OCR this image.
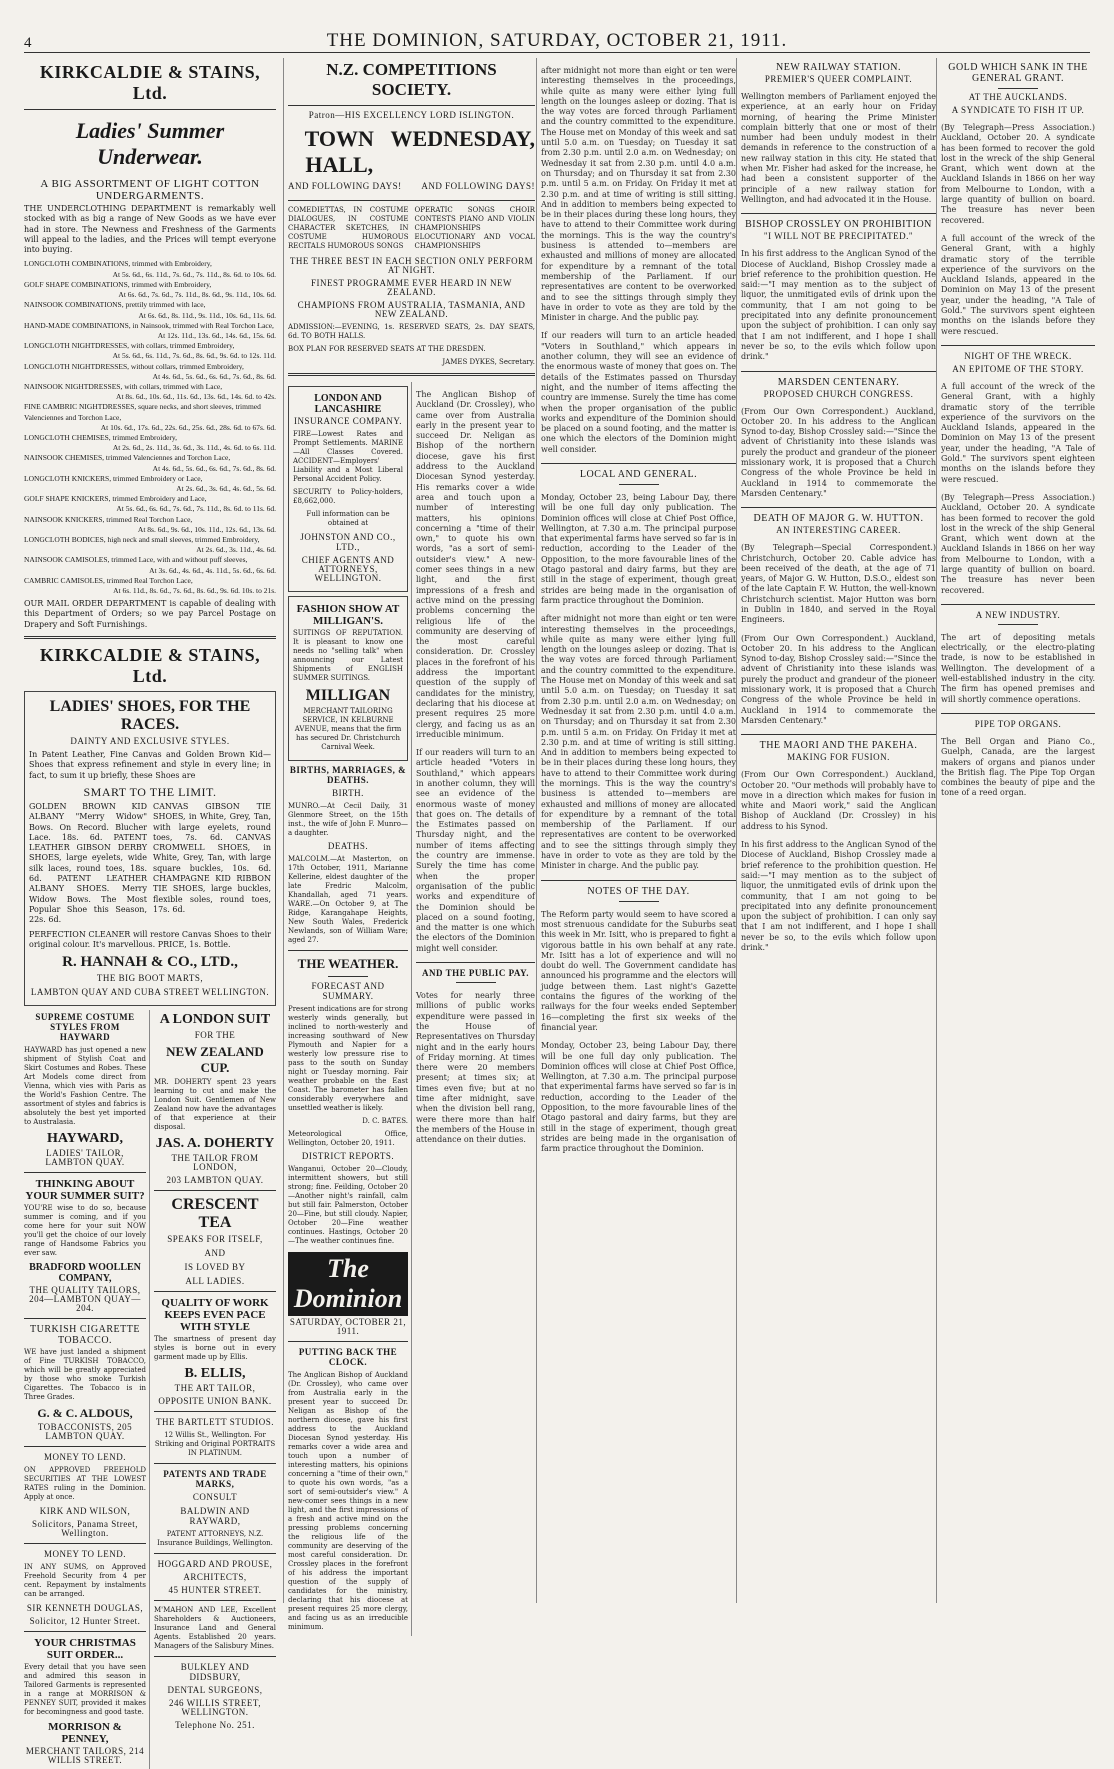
4	THE DOMINION, SATURDAY, OCTOBER 21, 1911.
KIRKCALDIE & STAINS, Ltd.
Ladies' Summer Underwear.
A BIG ASSORTMENT OF LIGHT COTTON UNDERGARMENTS.

THE UNDERCLOTHING DEPARTMENT is remarkably well stocked with as big a range of New Goods as we have ever had in store. The Newness and Freshness of the Garments will appeal to the ladies, and the Prices will tempt everyone into buying.

LONGCLOTH COMBINATIONS, trimmed with Embroidery,
At 5s. 6d., 6s. 11d., 7s. 6d., 7s. 11d., 8s. 6d. to 10s. 6d.
GOLF SHAPE COMBINATIONS, trimmed with Embroidery,
At 6s. 6d., 7s. 6d., 7s. 11d., 8s. 6d., 9s. 11d., 10s. 6d.
NAINSOOK COMBINATIONS, prettily trimmed with lace,
At 6s. 6d., 8s. 11d., 9s. 11d., 10s. 6d., 11s. 6d.
HAND-MADE COMBINATIONS, in Nainsook, trimmed with Real Torchon Lace,
At 12s. 11d., 13s. 6d., 14s. 6d., 15s. 6d.
LONGCLOTH NIGHTDRESSES, with collars, trimmed Embroidery,
At 5s. 6d., 6s. 11d., 7s. 6d., 8s. 6d., 9s. 6d. to 12s. 11d.
LONGCLOTH NIGHTDRESSES, without collars, trimmed Embroidery,
At 4s. 6d., 5s. 6d., 6s. 6d., 7s. 6d., 8s. 6d.
NAINSOOK NIGHTDRESSES, with collars, trimmed with Lace,
At 8s. 6d., 10s. 6d., 11s. 6d., 13s. 6d., 14s. 6d. to 42s.
FINE CAMBRIC NIGHTDRESSES, square necks, and short sleeves, trimmed Valenciennes and Torchon Lace,
At 10s. 6d., 17s. 6d., 22s. 6d., 25s. 6d., 28s. 6d. to 67s. 6d.
LONGCLOTH CHEMISES, trimmed Embroidery,
At 2s. 6d., 2s. 11d., 3s. 6d., 3s. 11d., 4s. 6d. to 6s. 11d.
NAINSOOK CHEMISES, trimmed Valenciennes and Torchon Lace,
At 4s. 6d., 5s. 6d., 6s. 6d., 7s. 6d., 8s. 6d.
LONGCLOTH KNICKERS, trimmed Embroidery or Lace,
At 2s. 6d., 3s. 6d., 4s. 6d., 5s. 6d.
GOLF SHAPE KNICKERS, trimmed Embroidery and Lace,
At 5s. 6d., 6s. 6d., 7s. 6d., 7s. 11d., 8s. 6d. to 11s. 6d.
NAINSOOK KNICKERS, trimmed Real Torchon Lace,
At 8s. 6d., 9s. 6d., 10s. 11d., 12s. 6d., 13s. 6d.
LONGCLOTH BODICES, high neck and small sleeves, trimmed Embroidery,
At 2s. 6d., 3s. 11d., 4s. 6d.
NAINSOOK CAMISOLES, trimmed Lace, with and without puff sleeves,
At 3s. 6d., 4s. 6d., 4s. 11d., 5s. 6d., 6s. 6d.
CAMBRIC CAMISOLES, trimmed Real Torchon Lace,
At 6s. 11d., 8s. 6d., 7s. 6d., 8s. 6d., 9s. 6d. 10s. to 21s.

OUR MAIL ORDER DEPARTMENT is capable of dealing with this Department of Orders; so we pay Parcel Postage on Drapery and Soft Furnishings.

KIRKCALDIE & STAINS, Ltd.
LADIES' SHOES, FOR THE RACES.
DAINTY AND EXCLUSIVE STYLES.

In Patent Leather, Fine Canvas and Golden Brown Kid—Shoes that express refinement and style in every line; in fact, to sum it up briefly, these Shoes are

SMART TO THE LIMIT.

GOLDEN BROWN KID ALBANY "Merry Widow" Bows. On Record. Blucher Lace. 18s. 6d. PATENT LEATHER GIBSON DERBY SHOES, large eyelets, wide silk laces, round toes, 18s. 6d. PATENT LEATHER ALBANY SHOES. Merry Widow Bows. The Most Popular Shoe this Season, 22s. 6d.

CANVAS GIBSON TIE SHOES, in White, Grey, Tan, with large eyelets, round toes, 7s. 6d. CANVAS CROMWELL SHOES, in White, Grey, Tan, with large square buckles, 10s. 6d. CHAMPAGNE KID RIBBON TIE SHOES, large buckles, flexible soles, round toes, 17s. 6d.

PERFECTION CLEANER will restore Canvas Shoes to their original colour. It's marvellous. PRICE, 1s. Bottle.

R. HANNAH & CO., LTD.,
THE BIG BOOT MARTS,
LAMBTON QUAY AND CUBA STREET WELLINGTON.
SUPREME COSTUME STYLES FROM HAYWARD

HAYWARD has just opened a new shipment of Stylish Coat and Skirt Costumes and Robes. These Art Models come direct from Vienna, which vies with Paris as the World's Fashion Centre. The assortment of styles and fabrics is absolutely the best yet imported to Australasia.

HAYWARD,
LADIES' TAILOR, LAMBTON QUAY.
THINKING ABOUT YOUR SUMMER SUIT?

YOU'RE wise to do so, because summer is coming, and if you come here for your suit NOW you'll get the choice of our lovely range of Handsome Fabrics you ever saw.

BRADFORD WOOLLEN COMPANY,
THE QUALITY TAILORS, 204—LAMBTON QUAY—204.
TURKISH CIGARETTE TOBACCO.

WE have just landed a shipment of Fine TURKISH TOBACCO, which will be greatly appreciated by those who smoke Turkish Cigarettes. The Tobacco is in Three Grades.

G. & C. ALDOUS,
TOBACCONISTS, 205 LAMBTON QUAY.
MONEY TO LEND.

ON APPROVED FREEHOLD SECURITIES AT THE LOWEST RATES ruling in the Dominion. Apply at once.

KIRK AND WILSON,
Solicitors, Panama Street, Wellington.
MONEY TO LEND.

IN ANY SUMS, on Approved Freehold Security from 4 per cent. Repayment by instalments can be arranged.

SIR KENNETH DOUGLAS,
Solicitor, 12 Hunter Street.
YOUR CHRISTMAS SUIT ORDER...

Every detail that you have seen and admired this season in Tailored Garments is represented in a range at MORRISON & PENNEY SUIT, provided it makes for becomingness and good taste.

MORRISON & PENNEY,
MERCHANT TAILORS, 214 WILLIS STREET.
A LONDON SUIT
FOR THE
NEW ZEALAND CUP.

MR. DOHERTY spent 23 years learning to cut and make the London Suit. Gentlemen of New Zealand now have the advantages of that experience at their disposal.

JAS. A. DOHERTY
THE TAILOR FROM LONDON,
203 LAMBTON QUAY.
CRESCENT TEA
SPEAKS FOR ITSELF,
AND
IS LOVED BY
ALL LADIES.
QUALITY OF WORK KEEPS EVEN PACE WITH STYLE

The smartness of present day styles is borne out in every garment made up by Ellis.

B. ELLIS,
THE ART TAILOR,
OPPOSITE UNION BANK.
THE BARTLETT STUDIOS.

12 Willis St., Wellington. For Striking and Original PORTRAITS IN PLATINUM.

PATENTS AND TRADE MARKS,
CONSULT
BALDWIN AND RAYWARD,

PATENT ATTORNEYS, N.Z. Insurance Buildings, Wellington.

HOGGARD AND PROUSE,
ARCHITECTS,
45 HUNTER STREET.

M'MAHON AND LEE, Excellent Shareholders & Auctioneers, Insurance Land and General Agents. Established 20 years. Managers of the Salisbury Mines.

BULKLEY AND DIDSBURY,
DENTAL SURGEONS,
246 WILLIS STREET, WELLINGTON.
Telephone No. 251.
N.Z. COMPETITIONS SOCIETY.
Patron—HIS EXCELLENCY LORD ISLINGTON.
TOWN HALL,
WEDNESDAY,
AND FOLLOWING DAYS! AND FOLLOWING DAYS!

COMEDIETTAS, IN COSTUME DIALOGUES, IN COSTUME CHARACTER SKETCHES, IN COSTUME HUMOROUS RECITALS HUMOROUS SONGS

OPERATIC SONGS CHOIR CONTESTS PIANO AND VIOLIN CHAMPIONSHIPS ELOCUTIONARY AND VOCAL CHAMPIONSHIPS

THE THREE BEST IN EACH SECTION ONLY PERFORM AT NIGHT.
FINEST PROGRAMME EVER HEARD IN NEW ZEALAND.
CHAMPIONS FROM AUSTRALIA, TASMANIA, AND NEW ZEALAND.

ADMISSION:—EVENING, 1s. RESERVED SEATS, 2s. DAY SEATS, 6d. TO BOTH HALLS.

BOX PLAN FOR RESERVED SEATS AT THE DRESDEN.

JAMES DYKES, Secretary.
LONDON AND LANCASHIRE
INSURANCE COMPANY.

FIRE—Lowest Rates and Prompt Settlements. MARINE—All Classes Covered. ACCIDENT—Employers' Liability and a Most Liberal Personal Accident Policy.

SECURITY to Policy-holders, £8,662,000.

Full information can be obtained at

JOHNSTON AND CO., LTD.,
CHIEF AGENTS AND ATTORNEYS, WELLINGTON.
FASHION SHOW AT MILLIGAN'S.

SUITINGS OF REPUTATION. It is pleasant to know one needs no "selling talk" when announcing our Latest Shipments of ENGLISH SUMMER SUITINGS.

MILLIGAN

MERCHANT TAILORING SERVICE, IN KELBURNE AVENUE, means that the firm has secured Dr. Christchurch Carnival Week.

BIRTHS, MARRIAGES, & DEATHS.
BIRTH.

MUNRO.—At Cecil Daily, 31 Glenmore Street, on the 15th inst., the wife of John F. Munro—a daughter.

DEATHS.

MALCOLM.—At Masterton, on 17th October, 1911, Marianne Kellerine, eldest daughter of the late Fredric Malcolm, Khandallah, aged 71 years. WARE.—On October 9, at The Ridge, Karangahape Heights, New South Wales, Frederick Newlands, son of William Ware; aged 27.

THE WEATHER.
FORECAST AND SUMMARY.

Present indications are for strong westerly winds generally, but inclined to north-westerly and increasing southward of New Plymouth and Napier for a westerly low pressure rise to pass to the south on Sunday night or Tuesday morning. Fair weather probable on the East Coast. The barometer has fallen considerably everywhere and unsettled weather is likely.

D. C. BATES.

Meteorological Office, Wellington, October 20, 1911.

DISTRICT REPORTS.

Wanganui, October 20—Cloudy, intermittent showers, but still strong; fine. Feilding, October 20—Another night's rainfall, calm but still fair. Palmerston, October 20—Fine, but still cloudy. Napier, October 20—Fine weather continues. Hastings, October 20—The weather continues fine.

The Dominion
SATURDAY, OCTOBER 21, 1911.
PUTTING BACK THE CLOCK.

The Anglican Bishop of Auckland (Dr. Crossley), who came over from Australia early in the present year to succeed Dr. Neligan as Bishop of the northern diocese, gave his first address to the Auckland Diocesan Synod yesterday. His remarks cover a wide area and touch upon a number of interesting matters, his opinions concerning a "time of their own," to quote his own words, "as a sort of semi-outsider's view." A new-comer sees things in a new light, and the first impressions of a fresh and active mind on the pressing problems concerning the religious life of the community are deserving of the most careful consideration. Dr. Crossley places in the forefront of his address the important question of the supply of candidates for the ministry, declaring that his diocese at present requires 25 more clergy, and facing us as an irreducible minimum.

The Anglican Bishop of Auckland (Dr. Crossley), who came over from Australia early in the present year to succeed Dr. Neligan as Bishop of the northern diocese, gave his first address to the Auckland Diocesan Synod yesterday. His remarks cover a wide area and touch upon a number of interesting matters, his opinions concerning a "time of their own," to quote his own words, "as a sort of semi-outsider's view." A new-comer sees things in a new light, and the first impressions of a fresh and active mind on the pressing problems concerning the religious life of the community are deserving of the most careful consideration. Dr. Crossley places in the forefront of his address the important question of the supply of candidates for the ministry, declaring that his diocese at present requires 25 more clergy, and facing us as an irreducible minimum.

If our readers will turn to an article headed "Voters in Southland," which appears in another column, they will see an evidence of the enormous waste of money that goes on. The details of the Estimates passed on Thursday night, and the number of items affecting the country are immense. Surely the time has come when the proper organisation of the public works and expenditure of the Dominion should be placed on a sound footing, and the matter is one which the electors of the Dominion might well consider.

AND THE PUBLIC PAY.

Votes for nearly three millions of public works expenditure were passed in the House of Representatives on Thursday night and in the early hours of Friday morning. At times there were 20 members present; at times six; at times even five; but at no time after midnight, save when the division bell rang, were there more than half the members of the House in attendance on their duties.

after midnight not more than eight or ten were interesting themselves in the proceedings, while quite as many were either lying full length on the lounges asleep or dozing. That is the way votes are forced through Parliament and the country committed to the expenditure. The House met on Monday of this week and sat until 5.0 a.m. on Tuesday; on Tuesday it sat from 2.30 p.m. until 2.0 a.m. on Wednesday; on Wednesday it sat from 2.30 p.m. until 4.0 a.m. on Thursday; and on Thursday it sat from 2.30 p.m. until 5 a.m. on Friday. On Friday it met at 2.30 p.m. and at time of writing is still sitting. And in addition to members being expected to be in their places during these long hours, they have to attend to their Committee work during the mornings. This is the way the country's business is attended to—members are exhausted and millions of money are allocated for expenditure by a remnant of the total membership of the Parliament. If our representatives are content to be overworked and to see the sittings through simply they have in order to vote as they are told by the Minister in charge. And the public pay.

If our readers will turn to an article headed "Voters in Southland," which appears in another column, they will see an evidence of the enormous waste of money that goes on. The details of the Estimates passed on Thursday night, and the number of items affecting the country are immense. Surely the time has come when the proper organisation of the public works and expenditure of the Dominion should be placed on a sound footing, and the matter is one which the electors of the Dominion might well consider.

LOCAL AND GENERAL.

Monday, October 23, being Labour Day, there will be one full day only publication. The Dominion offices will close at Chief Post Office, Wellington, at 7.30 a.m. The principal purpose that experimental farms have served so far is in reduction, according to the Leader of the Opposition, to the more favourable lines of the Otago pastoral and dairy farms, but they are still in the stage of experiment, though great strides are being made in the organisation of farm practice throughout the Dominion.

after midnight not more than eight or ten were interesting themselves in the proceedings, while quite as many were either lying full length on the lounges asleep or dozing. That is the way votes are forced through Parliament and the country committed to the expenditure. The House met on Monday of this week and sat until 5.0 a.m. on Tuesday; on Tuesday it sat from 2.30 p.m. until 2.0 a.m. on Wednesday; on Wednesday it sat from 2.30 p.m. until 4.0 a.m. on Thursday; and on Thursday it sat from 2.30 p.m. until 5 a.m. on Friday. On Friday it met at 2.30 p.m. and at time of writing is still sitting. And in addition to members being expected to be in their places during these long hours, they have to attend to their Committee work during the mornings. This is the way the country's business is attended to—members are exhausted and millions of money are allocated for expenditure by a remnant of the total membership of the Parliament. If our representatives are content to be overworked and to see the sittings through simply they have in order to vote as they are told by the Minister in charge. And the public pay.

NOTES OF THE DAY.

The Reform party would seem to have scored a most strenuous candidate for the Suburbs seat this week in Mr. Isitt, who is prepared to fight a vigorous battle in his own behalf at any rate. Mr. Isitt has a lot of experience and will no doubt do well. The Government candidate has announced his programme and the electors will judge between them. Last night's Gazette contains the figures of the working of the railways for the four weeks ended September 16—completing the first six weeks of the financial year.

Monday, October 23, being Labour Day, there will be one full day only publication. The Dominion offices will close at Chief Post Office, Wellington, at 7.30 a.m. The principal purpose that experimental farms have served so far is in reduction, according to the Leader of the Opposition, to the more favourable lines of the Otago pastoral and dairy farms, but they are still in the stage of experiment, though great strides are being made in the organisation of farm practice throughout the Dominion.

NEW RAILWAY STATION.
PREMIER'S QUEER COMPLAINT.

Wellington members of Parliament enjoyed the experience, at an early hour on Friday morning, of hearing the Prime Minister complain bitterly that one or most of their number had been unduly modest in their demands in reference to the construction of a new railway station in this city. He stated that when Mr. Fisher had asked for the increase, he had been a consistent supporter of the principle of a new railway station for Wellington, and had advocated it in the House.

BISHOP CROSSLEY ON PROHIBITION
"I WILL NOT BE PRECIPITATED."

In his first address to the Anglican Synod of the Diocese of Auckland, Bishop Crossley made a brief reference to the prohibition question. He said:—"I may mention as to the subject of liquor, the unmitigated evils of drink upon the community, that I am not going to be precipitated into any definite pronouncement upon the subject of prohibition. I can only say that I am not indifferent, and I hope I shall never be so, to the evils which follow upon drink."

MARSDEN CENTENARY.
PROPOSED CHURCH CONGRESS.

(From Our Own Correspondent.) Auckland, October 20. In his address to the Anglican Synod to-day, Bishop Crossley said:—"Since the advent of Christianity into these islands was purely the product and grandeur of the pioneer missionary work, it is proposed that a Church Congress of the whole Province be held in Auckland in 1914 to commemorate the Marsden Centenary."

DEATH OF MAJOR G. W. HUTTON.
AN INTERESTING CAREER.

(By Telegraph—Special Correspondent.) Christchurch, October 20. Cable advice has been received of the death, at the age of 71 years, of Major G. W. Hutton, D.S.O., eldest son of the late Captain F. W. Hutton, the well-known Christchurch scientist. Major Hutton was born in Dublin in 1840, and served in the Royal Engineers.

(From Our Own Correspondent.) Auckland, October 20. In his address to the Anglican Synod to-day, Bishop Crossley said:—"Since the advent of Christianity into these islands was purely the product and grandeur of the pioneer missionary work, it is proposed that a Church Congress of the whole Province be held in Auckland in 1914 to commemorate the Marsden Centenary."

THE MAORI AND THE PAKEHA.
MAKING FOR FUSION.

(From Our Own Correspondent.) Auckland, October 20. "Our methods will probably have to move in a direction which makes for fusion in white and Maori work," said the Anglican Bishop of Auckland (Dr. Crossley) in his address to his Synod.

In his first address to the Anglican Synod of the Diocese of Auckland, Bishop Crossley made a brief reference to the prohibition question. He said:—"I may mention as to the subject of liquor, the unmitigated evils of drink upon the community, that I am not going to be precipitated into any definite pronouncement upon the subject of prohibition. I can only say that I am not indifferent, and I hope I shall never be so, to the evils which follow upon drink."

GOLD WHICH SANK IN THE GENERAL GRANT.
AT THE AUCKLANDS.
A SYNDICATE TO FISH IT UP.

(By Telegraph—Press Association.) Auckland, October 20. A syndicate has been formed to recover the gold lost in the wreck of the ship General Grant, which went down at the Auckland Islands in 1866 on her way from Melbourne to London, with a large quantity of bullion on board. The treasure has never been recovered.

A full account of the wreck of the General Grant, with a highly dramatic story of the terrible experience of the survivors on the Auckland Islands, appeared in the Dominion on May 13 of the present year, under the heading, "A Tale of Gold." The survivors spent eighteen months on the islands before they were rescued.

NIGHT OF THE WRECK.
AN EPITOME OF THE STORY.

A full account of the wreck of the General Grant, with a highly dramatic story of the terrible experience of the survivors on the Auckland Islands, appeared in the Dominion on May 13 of the present year, under the heading, "A Tale of Gold." The survivors spent eighteen months on the islands before they were rescued.

(By Telegraph—Press Association.) Auckland, October 20. A syndicate has been formed to recover the gold lost in the wreck of the ship General Grant, which went down at the Auckland Islands in 1866 on her way from Melbourne to London, with a large quantity of bullion on board. The treasure has never been recovered.

A NEW INDUSTRY.

The art of depositing metals electrically, or the electro-plating trade, is now to be established in Wellington. The development of a well-established industry in the city. The firm has opened premises and will shortly commence operations.

PIPE TOP ORGANS.

The Bell Organ and Piano Co., Guelph, Canada, are the largest makers of organs and pianos under the British flag. The Pipe Top Organ combines the beauty of pipe and the tone of a reed organ.
